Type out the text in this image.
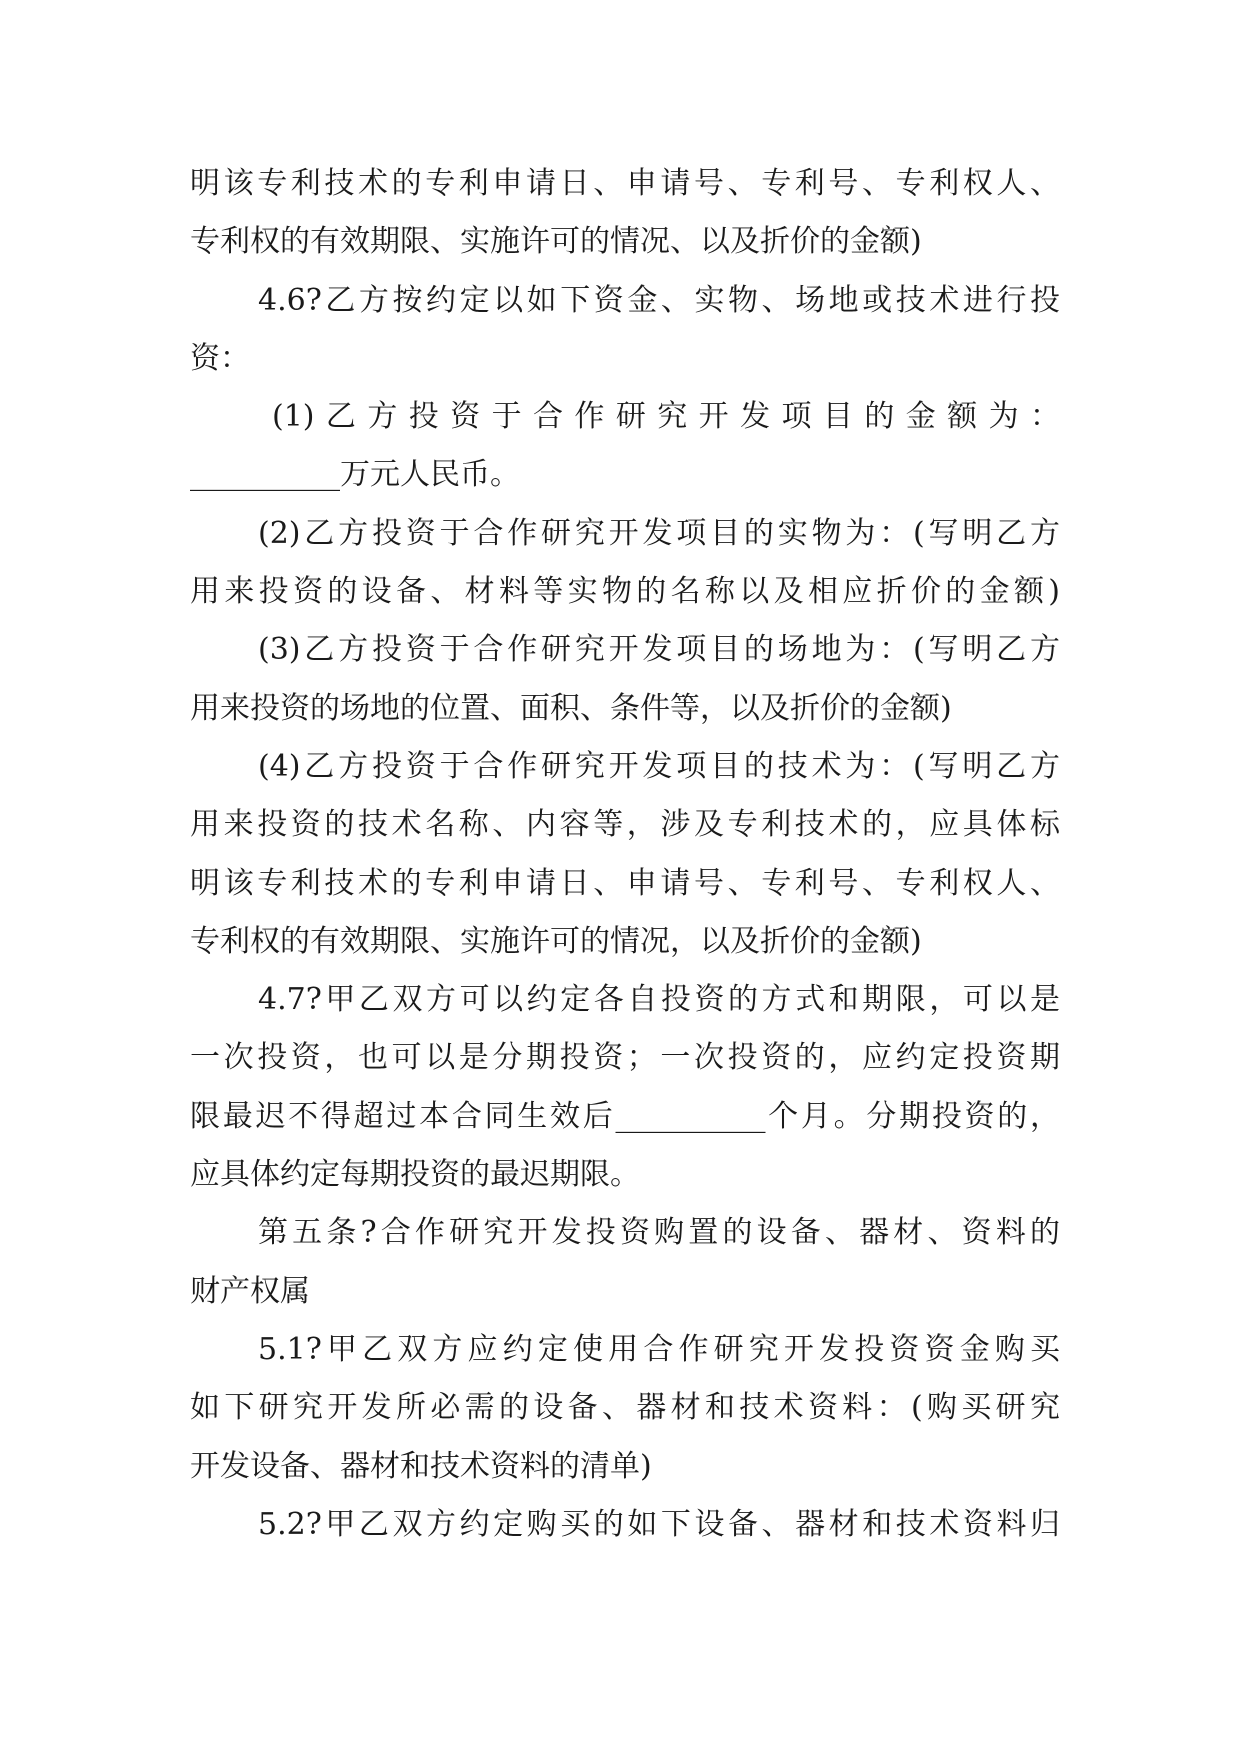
明该专利技术的专利申请日、申请号、专利号、专利权人、
专利权的有效期限、实施许可的情况、以及折价的金额)
4.6?乙方按约定以如下资金、实物、场地或技术进行投
资：
(1)乙方投资于合作研究开发项目的金额为：
__________万元人民币。
(2)乙方投资于合作研究开发项目的实物为：(写明乙方
用来投资的设备、材料等实物的名称以及相应折价的金额)
(3)乙方投资于合作研究开发项目的场地为：(写明乙方
用来投资的场地的位置、面积、条件等，以及折价的金额)
(4)乙方投资于合作研究开发项目的技术为：(写明乙方
用来投资的技术名称、内容等，涉及专利技术的，应具体标
明该专利技术的专利申请日、申请号、专利号、专利权人、
专利权的有效期限、实施许可的情况，以及折价的金额)
4.7?甲乙双方可以约定各自投资的方式和期限，可以是
一次投资，也可以是分期投资；一次投资的，应约定投资期
限最迟不得超过本合同生效后__________个月。分期投资的，
应具体约定每期投资的最迟期限。
第五条?合作研究开发投资购置的设备、器材、资料的
财产权属
5.1?甲乙双方应约定使用合作研究开发投资资金购买
如下研究开发所必需的设备、器材和技术资料：(购买研究
开发设备、器材和技术资料的清单)
5.2?甲乙双方约定购买的如下设备、器材和技术资料归
